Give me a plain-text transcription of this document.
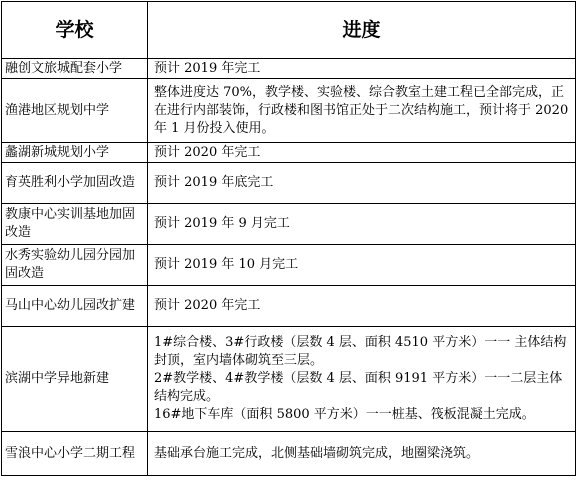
学校	进度
融创文旅城配套小学	预计 2019 年完工

渔港地区规划中学	整体进度达 70%，教学楼、实验楼、综合教室土建工程已全部完成，正在进行内部装饰，行政楼和图书馆正处于二次结构施工，预计将于 2020 年 1 月份投入使用。

蠡湖新城规划小学	预计 2020 年完工

育英胜利小学加固改造	预计 2019 年底完工

教康中心实训基地加固改造	预计 2019 年 9 月完工

水秀实验幼儿园分园加固改造	预计 2019 年 10 月完工

马山中心幼儿园改扩建	预计 2020 年完工

滨湖中学异地新建	1#综合楼、3#行政楼（层数 4 层、面积 4510 平方米）一一 主体结构封顶，室内墙体砌筑至三层。
2#教学楼、4#教学楼（层数 4 层、面积 9191 平方米）一一二层主体结构完成。
16#地下车库（面积 5800 平方米）一一桩基、筏板混凝土完成。

雪浪中心小学二期工程	基础承台施工完成，北侧基础墙砌筑完成，地圈梁浇筑。
